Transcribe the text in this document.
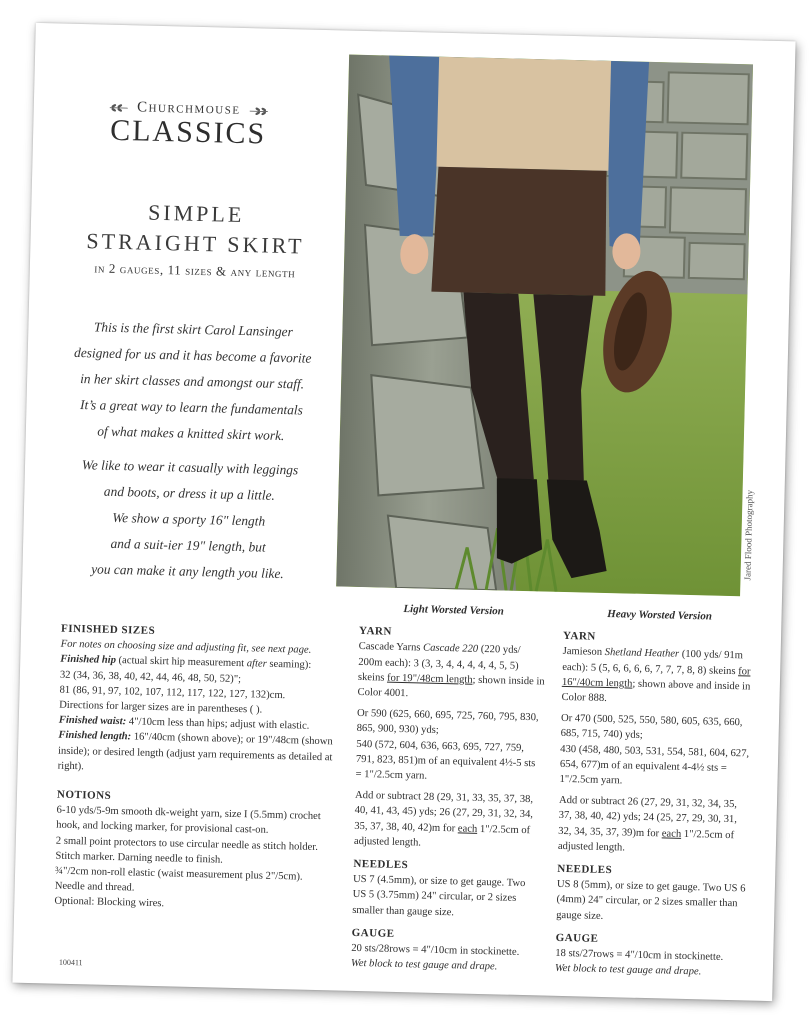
Churchmouse
CLASSICS
SIMPLE
STRAIGHT SKIRT
in 2 gauges, 11 sizes & any length

This is the first skirt Carol Lansinger
designed for us and it has become a favorite
in her skirt classes and amongst our staff.
It’s a great way to learn the fundamentals
of what makes a knitted skirt work.

We like to wear it casually with leggings
and boots, or dress it up a little.
We show a sporty 16" length
and a suit-ier 19" length, but
you can make it any length you like.	Jared Flood Photography
FINISHED SIZES
For notes on choosing size and adjusting fit, see next page.
Finished hip (actual skirt hip measurement after seaming):
32 (34, 36, 38, 40, 42, 44, 46, 48, 50, 52)";
81 (86, 91, 97, 102, 107, 112, 117, 122, 127, 132)cm.
Directions for larger sizes are in parentheses ( ).
Finished waist: 4"/10cm less than hips; adjust with elastic.
Finished length: 16"/40cm (shown above); or 19"/48cm (shown inside); or desired length (adjust yarn requirements as detailed at right).
NOTIONS
6-10 yds/5-9m smooth dk-weight yarn, size I (5.5mm) crochet hook, and locking marker, for provisional cast-on.
2 small point protectors to use circular needle as stitch holder.
Stitch marker. Darning needle to finish.
¾"/2cm non-roll elastic (waist measurement plus 2"/5cm).
Needle and thread.
Optional: Blocking wires.
100411
Light Worsted Version
YARN
Cascade Yarns Cascade 220 (220 yds/ 200m each): 3 (3, 3, 4, 4, 4, 4, 4, 5, 5) skeins for 19"/48cm length; shown inside in Color 4001.
Or 590 (625, 660, 695, 725, 760, 795, 830, 865, 900, 930) yds;
540 (572, 604, 636, 663, 695, 727, 759, 791, 823, 851)m of an equivalent 4½-5 sts = 1"/2.5cm yarn.
Add or subtract 28 (29, 31, 33, 35, 37, 38, 40, 41, 43, 45) yds; 26 (27, 29, 31, 32, 34, 35, 37, 38, 40, 42)m for each 1"/2.5cm of adjusted length.
NEEDLES
US 7 (4.5mm), or size to get gauge. Two US 5 (3.75mm) 24" circular, or 2 sizes smaller than gauge size.
GAUGE
20 sts/28rows = 4"/10cm in stockinette.
Wet block to test gauge and drape.
Heavy Worsted Version
YARN
Jamieson Shetland Heather (100 yds/ 91m each): 5 (5, 6, 6, 6, 6, 7, 7, 7, 8, 8) skeins for 16"/40cm length; shown above and inside in Color 888.
Or 470 (500, 525, 550, 580, 605, 635, 660, 685, 715, 740) yds;
430 (458, 480, 503, 531, 554, 581, 604, 627, 654, 677)m of an equivalent 4-4½ sts = 1"/2.5cm yarn.
Add or subtract 26 (27, 29, 31, 32, 34, 35, 37, 38, 40, 42) yds; 24 (25, 27, 29, 30, 31, 32, 34, 35, 37, 39)m for each 1"/2.5cm of adjusted length.
NEEDLES
US 8 (5mm), or size to get gauge. Two US 6 (4mm) 24" circular, or 2 sizes smaller than gauge size.
GAUGE
18 sts/27rows = 4"/10cm in stockinette.
Wet block to test gauge and drape.
